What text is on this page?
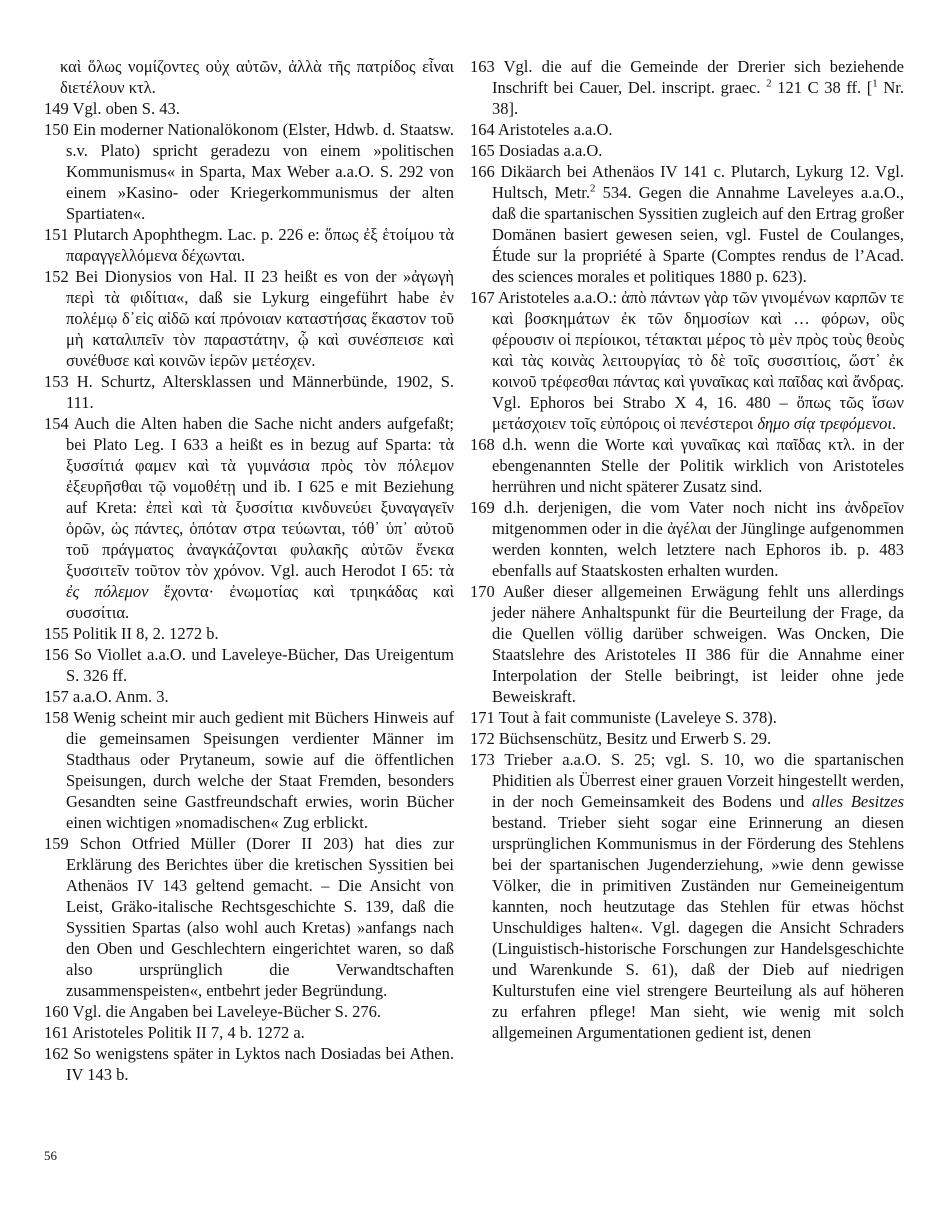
καὶ ὅλως νομίζοντες οὐχ αὑτῶν, ἀλλὰ τῆς πατρίδος εἶναι διετέλουν κτλ.
149 Vgl. oben S. 43.
150 Ein moderner Nationalökonom (Elster, Hdwb. d. Staatsw. s.v. Plato) spricht geradezu von einem »politischen Kommunismus« in Sparta, Max Weber a.a.O. S. 292 von einem »Kasino- oder Kriegerkommunismus der alten Spartiaten«.
151 Plutarch Apophthegm. Lac. p. 226 e: ὅπως ἐξ ἑτοίμου τὰ παραγγελλόμενα δέχωνται.
152 Bei Dionysios von Hal. II 23 heißt es von der »ἀγωγὴ περὶ τὰ φιδίτια«, daß sie Lykurg eingeführt habe ἐν πολέμῳ δ᾽εἰς αἰδῶ καί πρόνοιαν καταστήσας ἕκαστον τοῦ μὴ καταλιπεῖν τὸν παραστάτην, ᾧ καὶ συνέσπεισε καὶ συνέθυσε καὶ κοινῶν ἱερῶν μετέσχεν.
153 H. Schurtz, Altersklassen und Männerbünde, 1902, S. 111.
154 Auch die Alten haben die Sache nicht anders aufgefaßt; bei Plato Leg. I 633 a heißt es in bezug auf Sparta: τὰ ξυσσίτιά φαμεν καὶ τὰ γυμνάσια πρὸς τὸν πόλεμον ἐξευρῆσθαι τῷ νομοθέτῃ und ib. I 625 e mit Beziehung auf Kreta: ἐπεὶ καὶ τὰ ξυσσίτια κινδυνεύει ξυναγαγεῖν ὁρῶν, ὡς πάντες, ὁπόταν στρα τεύωνται, τόθ᾽ ὑπ᾽ αὐτοῦ τοῦ πράγματος ἀναγκάζονται φυλακῆς αὐτῶν ἕνεκα ξυσσιτεῖν τοῦτον τὸν χρόνον. Vgl. auch Herodot I 65: τὰ ἐς πόλεμον ἔχοντα· ἐνωμοτίας καὶ τριηκάδας καὶ συσσίτια.
155 Politik II 8, 2. 1272 b.
156 So Viollet a.a.O. und Laveleye-Bücher, Das Ureigentum S. 326 ff.
157 a.a.O. Anm. 3.
158 Wenig scheint mir auch gedient mit Büchers Hinweis auf die gemeinsamen Speisungen verdienter Männer im Stadthaus oder Prytaneum, sowie auf die öffentlichen Speisungen, durch welche der Staat Fremden, besonders Gesandten seine Gastfreundschaft erwies, worin Bücher einen wichtigen »nomadischen« Zug erblickt.
159 Schon Otfried Müller (Dorer II 203) hat dies zur Erklärung des Berichtes über die kretischen Syssitien bei Athenäos IV 143 geltend gemacht. – Die Ansicht von Leist, Gräko-italische Rechtsgeschichte S. 139, daß die Syssitien Spartas (also wohl auch Kretas) »anfangs nach den Oben und Geschlechtern eingerichtet waren, so daß also ursprünglich die Verwandtschaften zusammenspeisten«, entbehrt jeder Begründung.
160 Vgl. die Angaben bei Laveleye-Bücher S. 276.
161 Aristoteles Politik II 7, 4 b. 1272 a.
162 So wenigstens später in Lyktos nach Dosiadas bei Athen. IV 143 b.
163 Vgl. die auf die Gemeinde der Drerier sich beziehende Inschrift bei Cauer, Del. inscript. graec. $^2$ 121 C 38 ff. [$^1$ Nr. 38].
164 Aristoteles a.a.O.
165 Dosiadas a.a.O.
166 Dikäarch bei Athenäos IV 141 c. Plutarch, Lykurg 12. Vgl. Hultsch, Metr.$^2$ 534. Gegen die Annahme Laveleyes a.a.O., daß die spartanischen Syssitien zugleich auf den Ertrag großer Domänen basiert gewesen seien, vgl. Fustel de Coulanges, Étude sur la propriété à Sparte (Comptes rendus de l’Acad. des sciences morales et politiques 1880 p. 623).
167 Aristoteles a.a.O.: ἀπὸ πάντων γὰρ τῶν γινομένων καρπῶν τε καὶ βοσκημάτων ἐκ τῶν δημοσίων καὶ … φόρων, οὓς φέρουσιν οἱ περίοικοι, τέτακται μέρος τὸ μὲν πρὸς τοὺς θεοὺς καὶ τὰς κοινὰς λειτουργίας τὸ δὲ τοῖς συσσιτίοις, ὥστ᾽ ἐκ κοινοῦ τρέφεσθαι πάντας καὶ γυναῖκας καὶ παῖδας καὶ ἄνδρας. Vgl. Ephoros bei Strabo X 4, 16. 480 – ὅπως τῶς ἴσων μετάσχοιεν τοῖς εὐπόροις οἱ πενέστεροι δημο σίᾳ τρεφόμενοι.
168 d.h. wenn die Worte καὶ γυναῖκας καὶ παῖδας κτλ. in der ebengenannten Stelle der Politik wirklich von Aristoteles herrühren und nicht späterer Zusatz sind.
169 d.h. derjenigen, die vom Vater noch nicht ins ἀνδρεῖον mitgenommen oder in die ἀγέλαι der Jünglinge aufgenommen werden konnten, welch letztere nach Ephoros ib. p. 483 ebenfalls auf Staatskosten erhalten wurden.
170 Außer dieser allgemeinen Erwägung fehlt uns allerdings jeder nähere Anhaltspunkt für die Beurteilung der Frage, da die Quellen völlig darüber schweigen. Was Oncken, Die Staatslehre des Aristoteles II 386 für die Annahme einer Interpolation der Stelle beibringt, ist leider ohne jede Beweiskraft.
171 Tout à fait communiste (Laveleye S. 378).
172 Büchsenschütz, Besitz und Erwerb S. 29.
173 Trieber a.a.O. S. 25; vgl. S. 10, wo die spartanischen Phiditien als Überrest einer grauen Vorzeit hingestellt werden, in der noch Gemeinsamkeit des Bodens und alles Besitzes bestand. Trieber sieht sogar eine Erinnerung an diesen ursprünglichen Kommunismus in der Förderung des Stehlens bei der spartanischen Jugenderziehung, »wie denn gewisse Völker, die in primitiven Zuständen nur Gemeineigentum kannten, noch heutzutage das Stehlen für etwas höchst Unschuldiges halten«. Vgl. dagegen die Ansicht Schraders (Linguistisch-historische Forschungen zur Handelsgeschichte und Warenkunde S. 61), daß der Dieb auf niedrigen Kulturstufen eine viel strengere Beurteilung als auf höheren zu erfahren pflege! Man sieht, wie wenig mit solch allgemeinen Argumentationen gedient ist, denen
56
